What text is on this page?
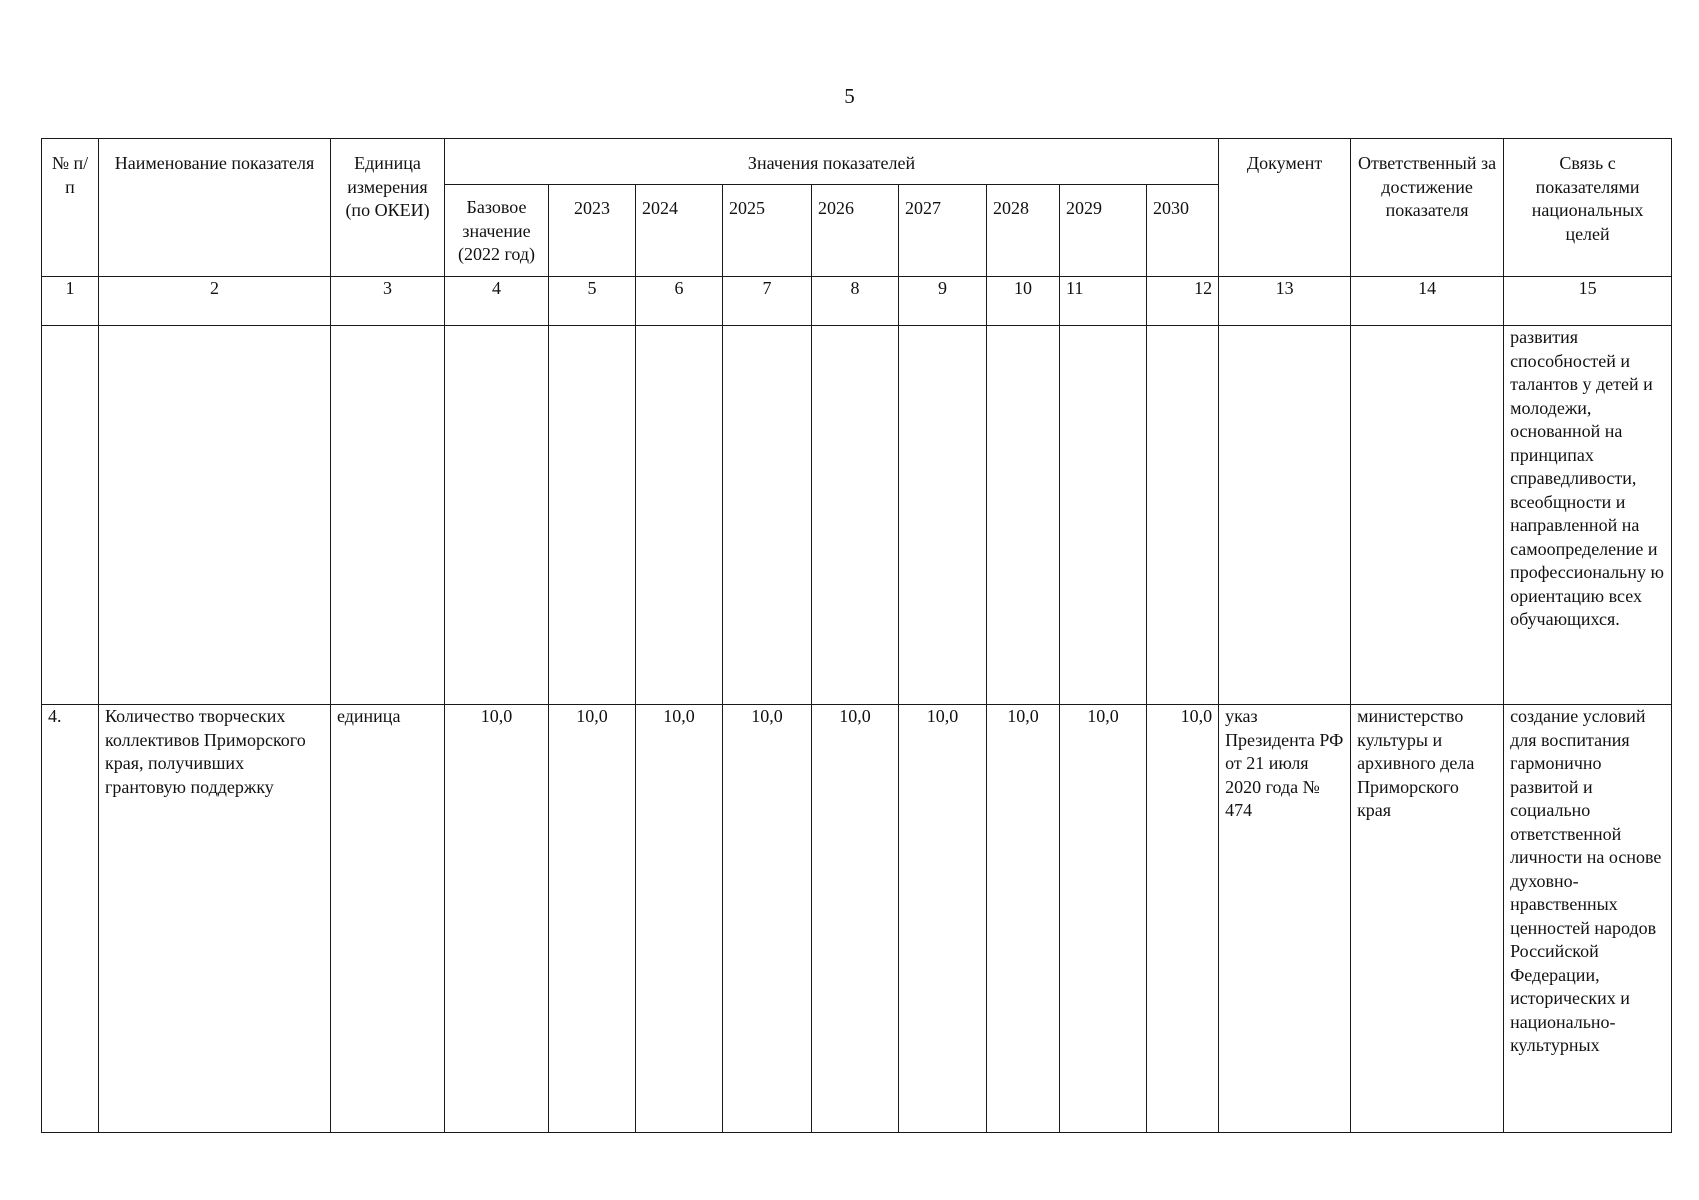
5
№ п/п	Наименование показателя	Единица измерения (по ОКЕИ)	Значения показателей									Документ	Ответственный за достижение показателя	Связь с показателями национальных целей
			Базовое значение (2022 год)	2023	2024	2025	2026	2027	2028	2029	2030			
1	2	3	4	5	6	7	8	9	10	11	12	13	14	15
														развития способностей и талантов у детей и молодежи, основанной на принципах справедливости, всеобщности и направленной на самоопределение и профессиональну ю ориентацию всех обучающихся.
4.	Количество творческих коллективов Приморского края, получивших грантовую поддержку	единица	10,0	10,0	10,0	10,0	10,0	10,0	10,0	10,0	10,0	указ Президента РФ от 21 июля 2020 года № 474	министерство культуры и архивного дела Приморского края	создание условий для воспитания гармонично развитой и социально ответственной личности на основе духовно-нравственных ценностей народов Российской Федерации, исторических и национально-культурных
